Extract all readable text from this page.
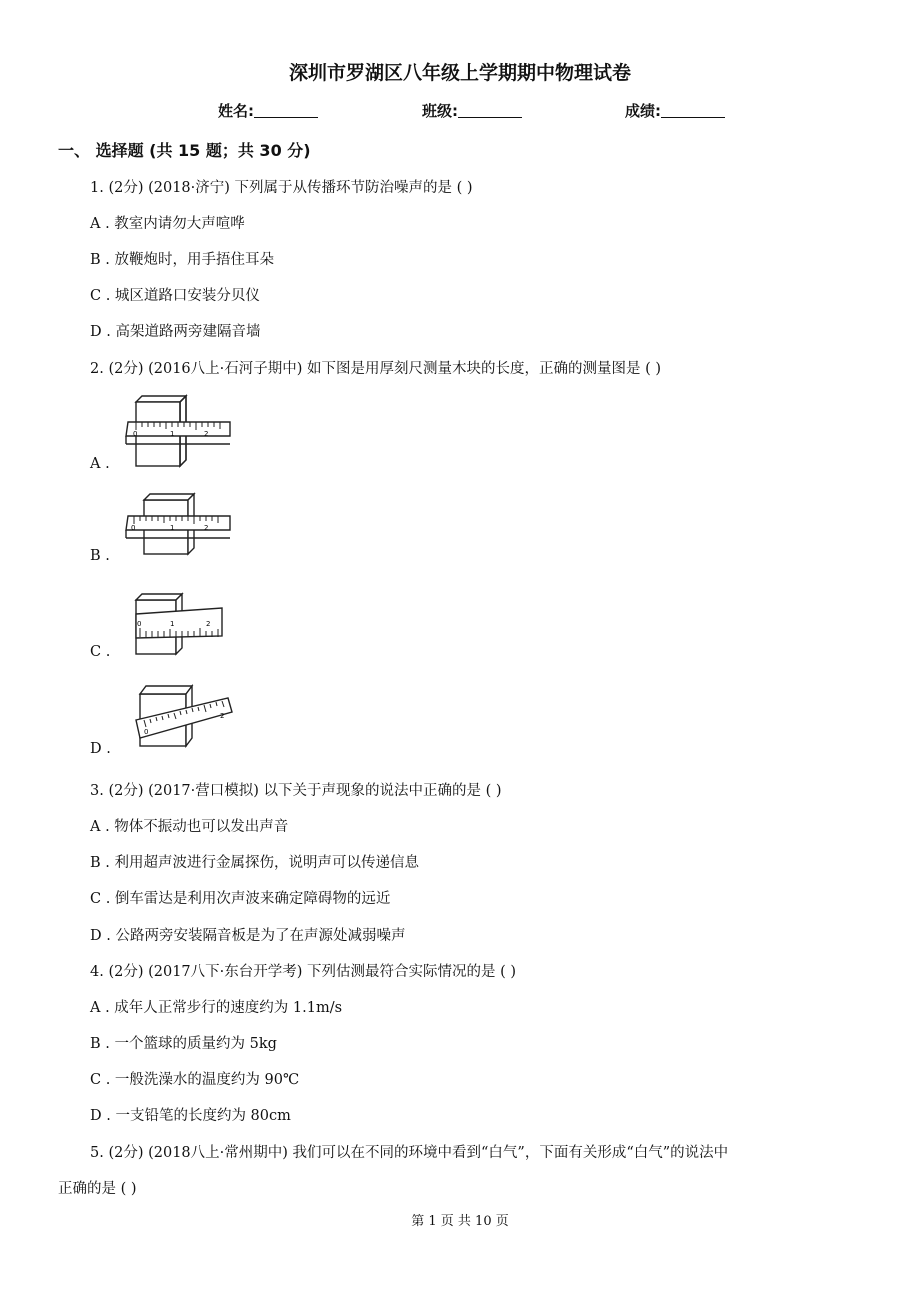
深圳市罗湖区八年级上学期期中物理试卷
姓名:	班级:	成绩:
一、 选择题 (共 15 题；共 30 分)
1. (2分) (2018·济宁) 下列属于从传播环节防治噪声的是 ( )
A . 教室内请勿大声喧哗
B . 放鞭炮时，用手捂住耳朵
C . 城区道路口安装分贝仪
D . 高架道路两旁建隔音墙
2. (2分) (2016八上·石河子期中) 如下图是用厚刻尺测量木块的长度，正确的测量图是 ( )
0	1	2
A .
0	1	2
B .
0	1	2
C .
0
2
D .
3. (2分) (2017·营口模拟) 以下关于声现象的说法中正确的是 ( )
A . 物体不振动也可以发出声音
B . 利用超声波进行金属探伤，说明声可以传递信息
C . 倒车雷达是利用次声波来确定障碍物的远近
D . 公路两旁安装隔音板是为了在声源处减弱噪声
4. (2分) (2017八下·东台开学考) 下列估测最符合实际情况的是 ( )
A . 成年人正常步行的速度约为 1.1m/s
B . 一个篮球的质量约为 5kg
C . 一般洗澡水的温度约为 90℃
D . 一支铅笔的长度约为 80cm
5. (2分) (2018八上·常州期中) 我们可以在不同的环境中看到“白气”，下面有关形成“白气”的说法中
正确的是 ( )
第 1 页 共 10 页
